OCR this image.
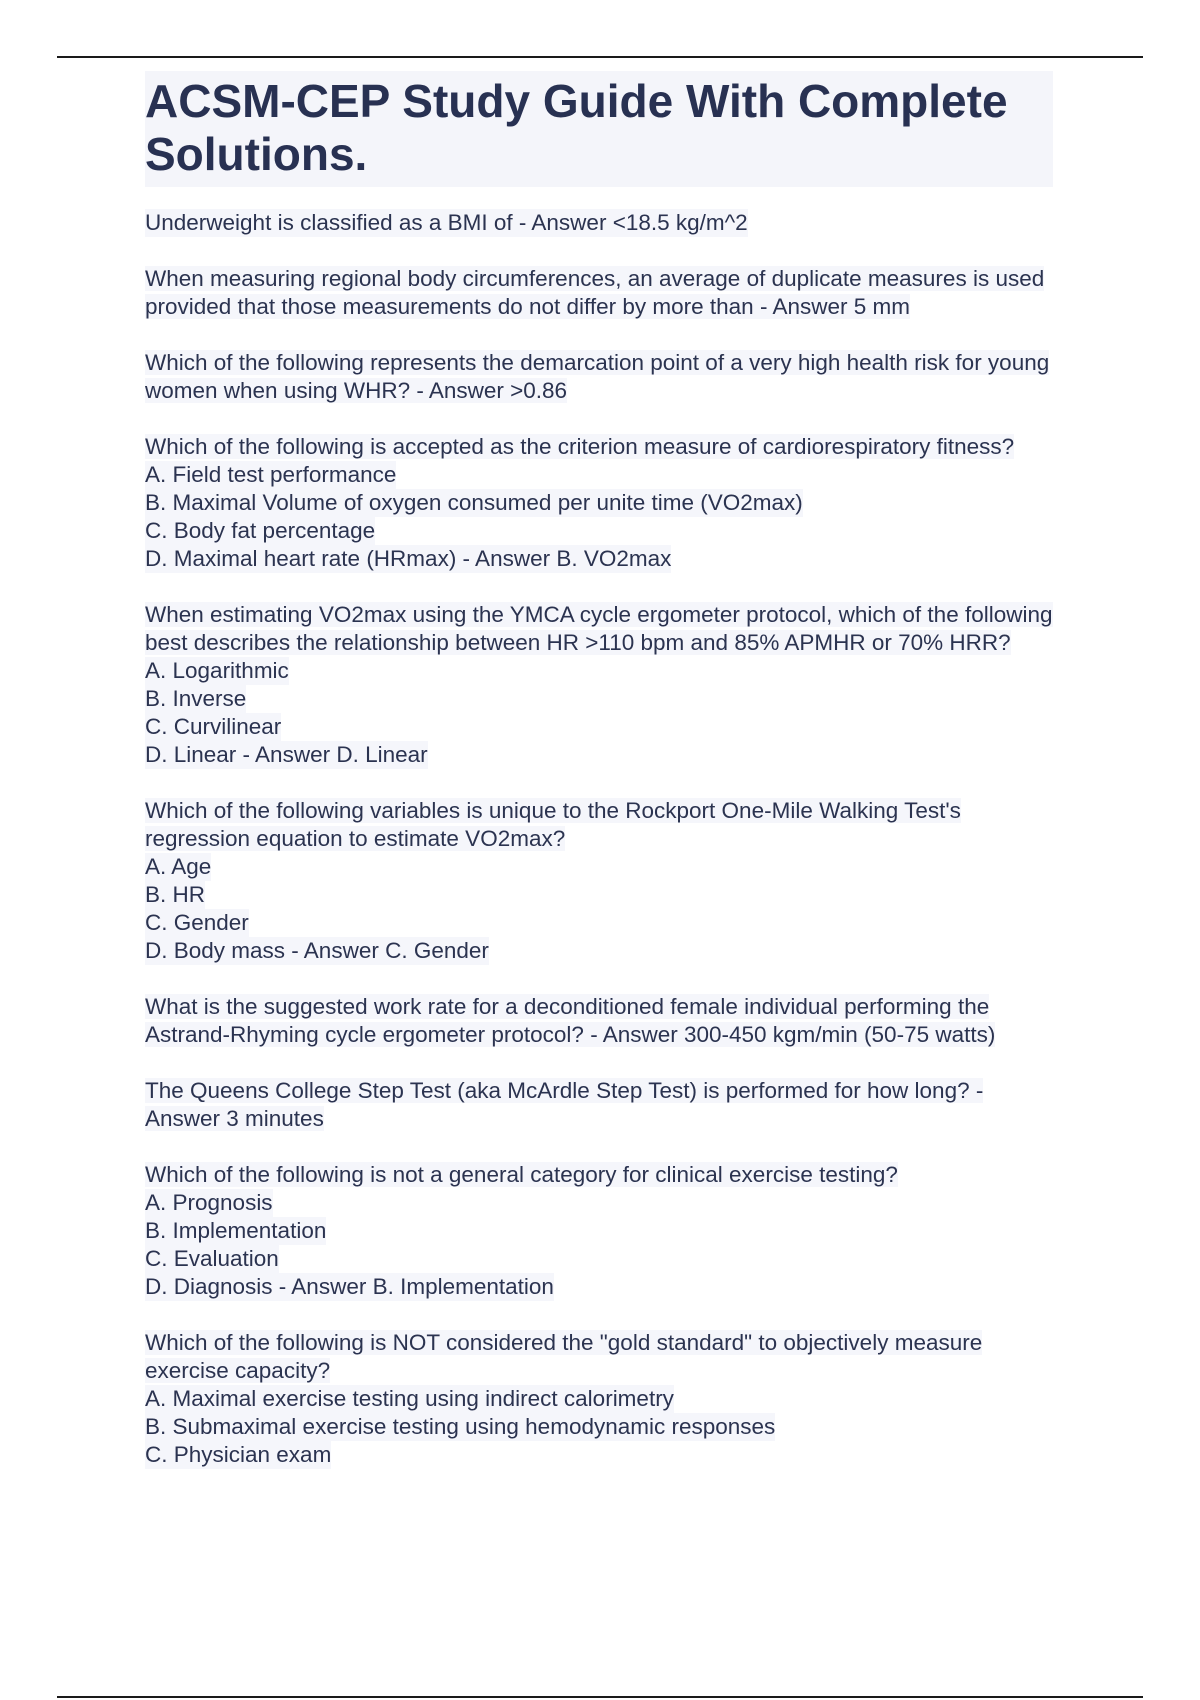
ACSM-CEP Study Guide With Complete Solutions.
Underweight is classified as a BMI of - Answer <18.5 kg/m^2
When measuring regional body circumferences, an average of duplicate measures is used provided that those measurements do not differ by more than - Answer 5 mm
Which of the following represents the demarcation point of a very high health risk for young women when using WHR? - Answer >0.86
Which of the following is accepted as the criterion measure of cardiorespiratory fitness?
A. Field test performance
B. Maximal Volume of oxygen consumed per unite time (VO2max)
C. Body fat percentage
D. Maximal heart rate (HRmax) - Answer B. VO2max
When estimating VO2max using the YMCA cycle ergometer protocol, which of the following best describes the relationship between HR >110 bpm and 85% APMHR or 70% HRR?
A. Logarithmic
B. Inverse
C. Curvilinear
D. Linear - Answer D. Linear
Which of the following variables is unique to the Rockport One-Mile Walking Test's regression equation to estimate VO2max?
A. Age
B. HR
C. Gender
D. Body mass - Answer C. Gender
What is the suggested work rate for a deconditioned female individual performing the Astrand-Rhyming cycle ergometer protocol? - Answer 300-450 kgm/min (50-75 watts)
The Queens College Step Test (aka McArdle Step Test) is performed for how long? - Answer 3 minutes
Which of the following is not a general category for clinical exercise testing?
A. Prognosis
B. Implementation
C. Evaluation
D. Diagnosis - Answer B. Implementation
Which of the following is NOT considered the "gold standard" to objectively measure exercise capacity?
A. Maximal exercise testing using indirect calorimetry
B. Submaximal exercise testing using hemodynamic responses
C. Physician exam
